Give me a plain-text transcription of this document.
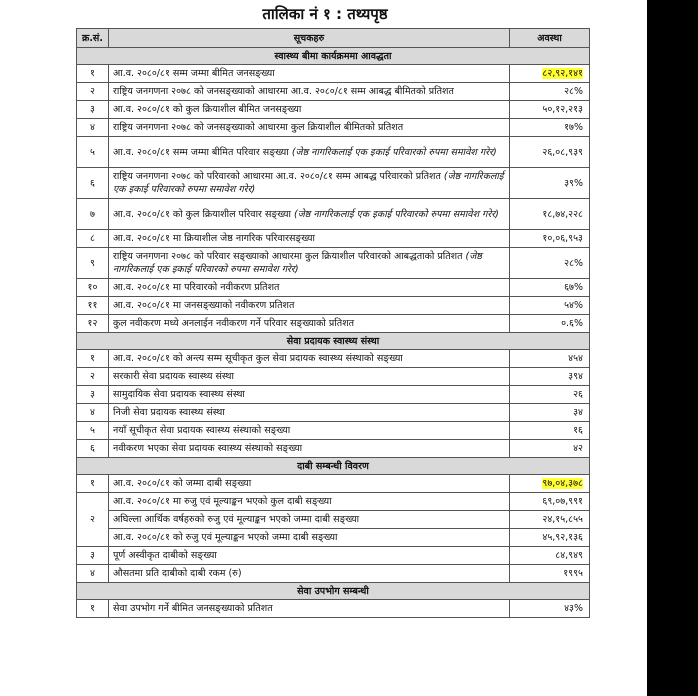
तालिका नं १ : तथ्यपृष्ठ
क्र.सं.	सूचकहरु	अवस्था
स्वास्थ्य बीमा कार्यक्रममा आवद्धता		
१	आ.व. २०८०/८१ सम्म जम्मा बीमित जनसङ्ख्या	८२,९२,१४१
२	राष्ट्रिय जनगणना २०७८ को जनसङ्ख्याको आधारमा आ.व. २०८०/८१ सम्म आबद्ध बीमितको प्रतिशत	२८%
३	आ.व. २०८०/८१ को कुल क्रियाशील बीमित जनसङ्ख्या	५०,१२,२१३
४	राष्ट्रिय जनगणना २०७८ को जनसङ्ख्याको आधारमा कुल क्रियाशील बीमितको प्रतिशत	१७%
५	आ.व. २०८०/८१ सम्म जम्मा बीमित परिवार सङ्ख्या (जेष्ठ नागरिकलाई एक इकाई परिवारको रुपमा समावेश गरेर)	२६,०८,९३९
६	राष्ट्रिय जनगणना २०७८ को परिवारको आधारमा आ.व. २०८०/८१ सम्म आबद्ध परिवारको प्रतिशत (जेष्ठ नागरिकलाई एक इकाई परिवारको रुपमा समावेश गरेर)	३९%
७	आ.व. २०८०/८१ को कुल क्रियाशील परिवार सङ्ख्या (जेष्ठ नागरिकलाई एक इकाई परिवारको रुपमा समावेश गरेर)	१८,७४,२२८
८	आ.व. २०८०/८१ मा क्रियाशील जेष्ठ नागरिक परिवारसङ्ख्या	१०,०६,९५३
९	राष्ट्रिय जनगणना २०७८ को परिवार सङ्ख्याको आधारमा कुल क्रियाशील परिवारको आबद्धताको प्रतिशत (जेष्ठ नागरिकलाई एक इकाई परिवारको रुपमा समावेश गरेर)	२८%
१०	आ.व. २०८०/८१ मा परिवारको नवीकरण प्रतिशत	६७%
११	आ.व. २०८०/८१ मा जनसङ्ख्याको नवीकरण प्रतिशत	५४%
१२	कुल नवीकरण मध्ये अनलाईन नवीकरण गर्ने परिवार सङ्ख्याको प्रतिशत	०.६%
सेवा प्रदायक स्वास्थ्य संस्था		
१	आ.व. २०८०/८१ को अन्त्य सम्म सूचीकृत कुल सेवा प्रदायक स्वास्थ्य संस्थाको सङ्ख्या	४५४
२	सरकारी सेवा प्रदायक स्वास्थ्य संस्था	३९४
३	सामुदायिक सेवा प्रदायक स्वास्थ्य संस्था	२६
४	निजी सेवा प्रदायक स्वास्थ्य संस्था	३४
५	नयाँ सूचीकृत सेवा प्रदायक स्वास्थ्य संस्थाको सङ्ख्या	१६
६	नवीकरण भएका सेवा प्रदायक स्वास्थ्य संस्थाको सङ्ख्या	४२
दाबी सम्बन्धी विवरण		
१	आ.व. २०८०/८१ को जम्मा दाबी सङ्ख्या	९७,०४,३७८
२	आ.व. २०८०/८१ मा रुजु एवं मूल्याङ्कन भएको कुल दाबी सङ्ख्या	६९,०७,९९१
	अघिल्ला आर्थिक वर्षहरुको रुजु एवं मूल्याङ्कन भएको जम्मा दाबी सङ्ख्या	२४,१५,८५५
	आ.व. २०८०/८१ को रुजु एवं मूल्याङ्कन भएको जम्मा दाबी सङ्ख्या	४५,९२,१३६
३	पूर्ण अस्वीकृत दाबीको सङ्ख्या	८४,९४९
४	औसतमा प्रति दाबीको दाबी रकम (रु)	१९९५
सेवा उपभोग सम्बन्धी		
१	सेवा उपभोग गर्ने बीमित जनसङ्ख्याको प्रतिशत	४३%
